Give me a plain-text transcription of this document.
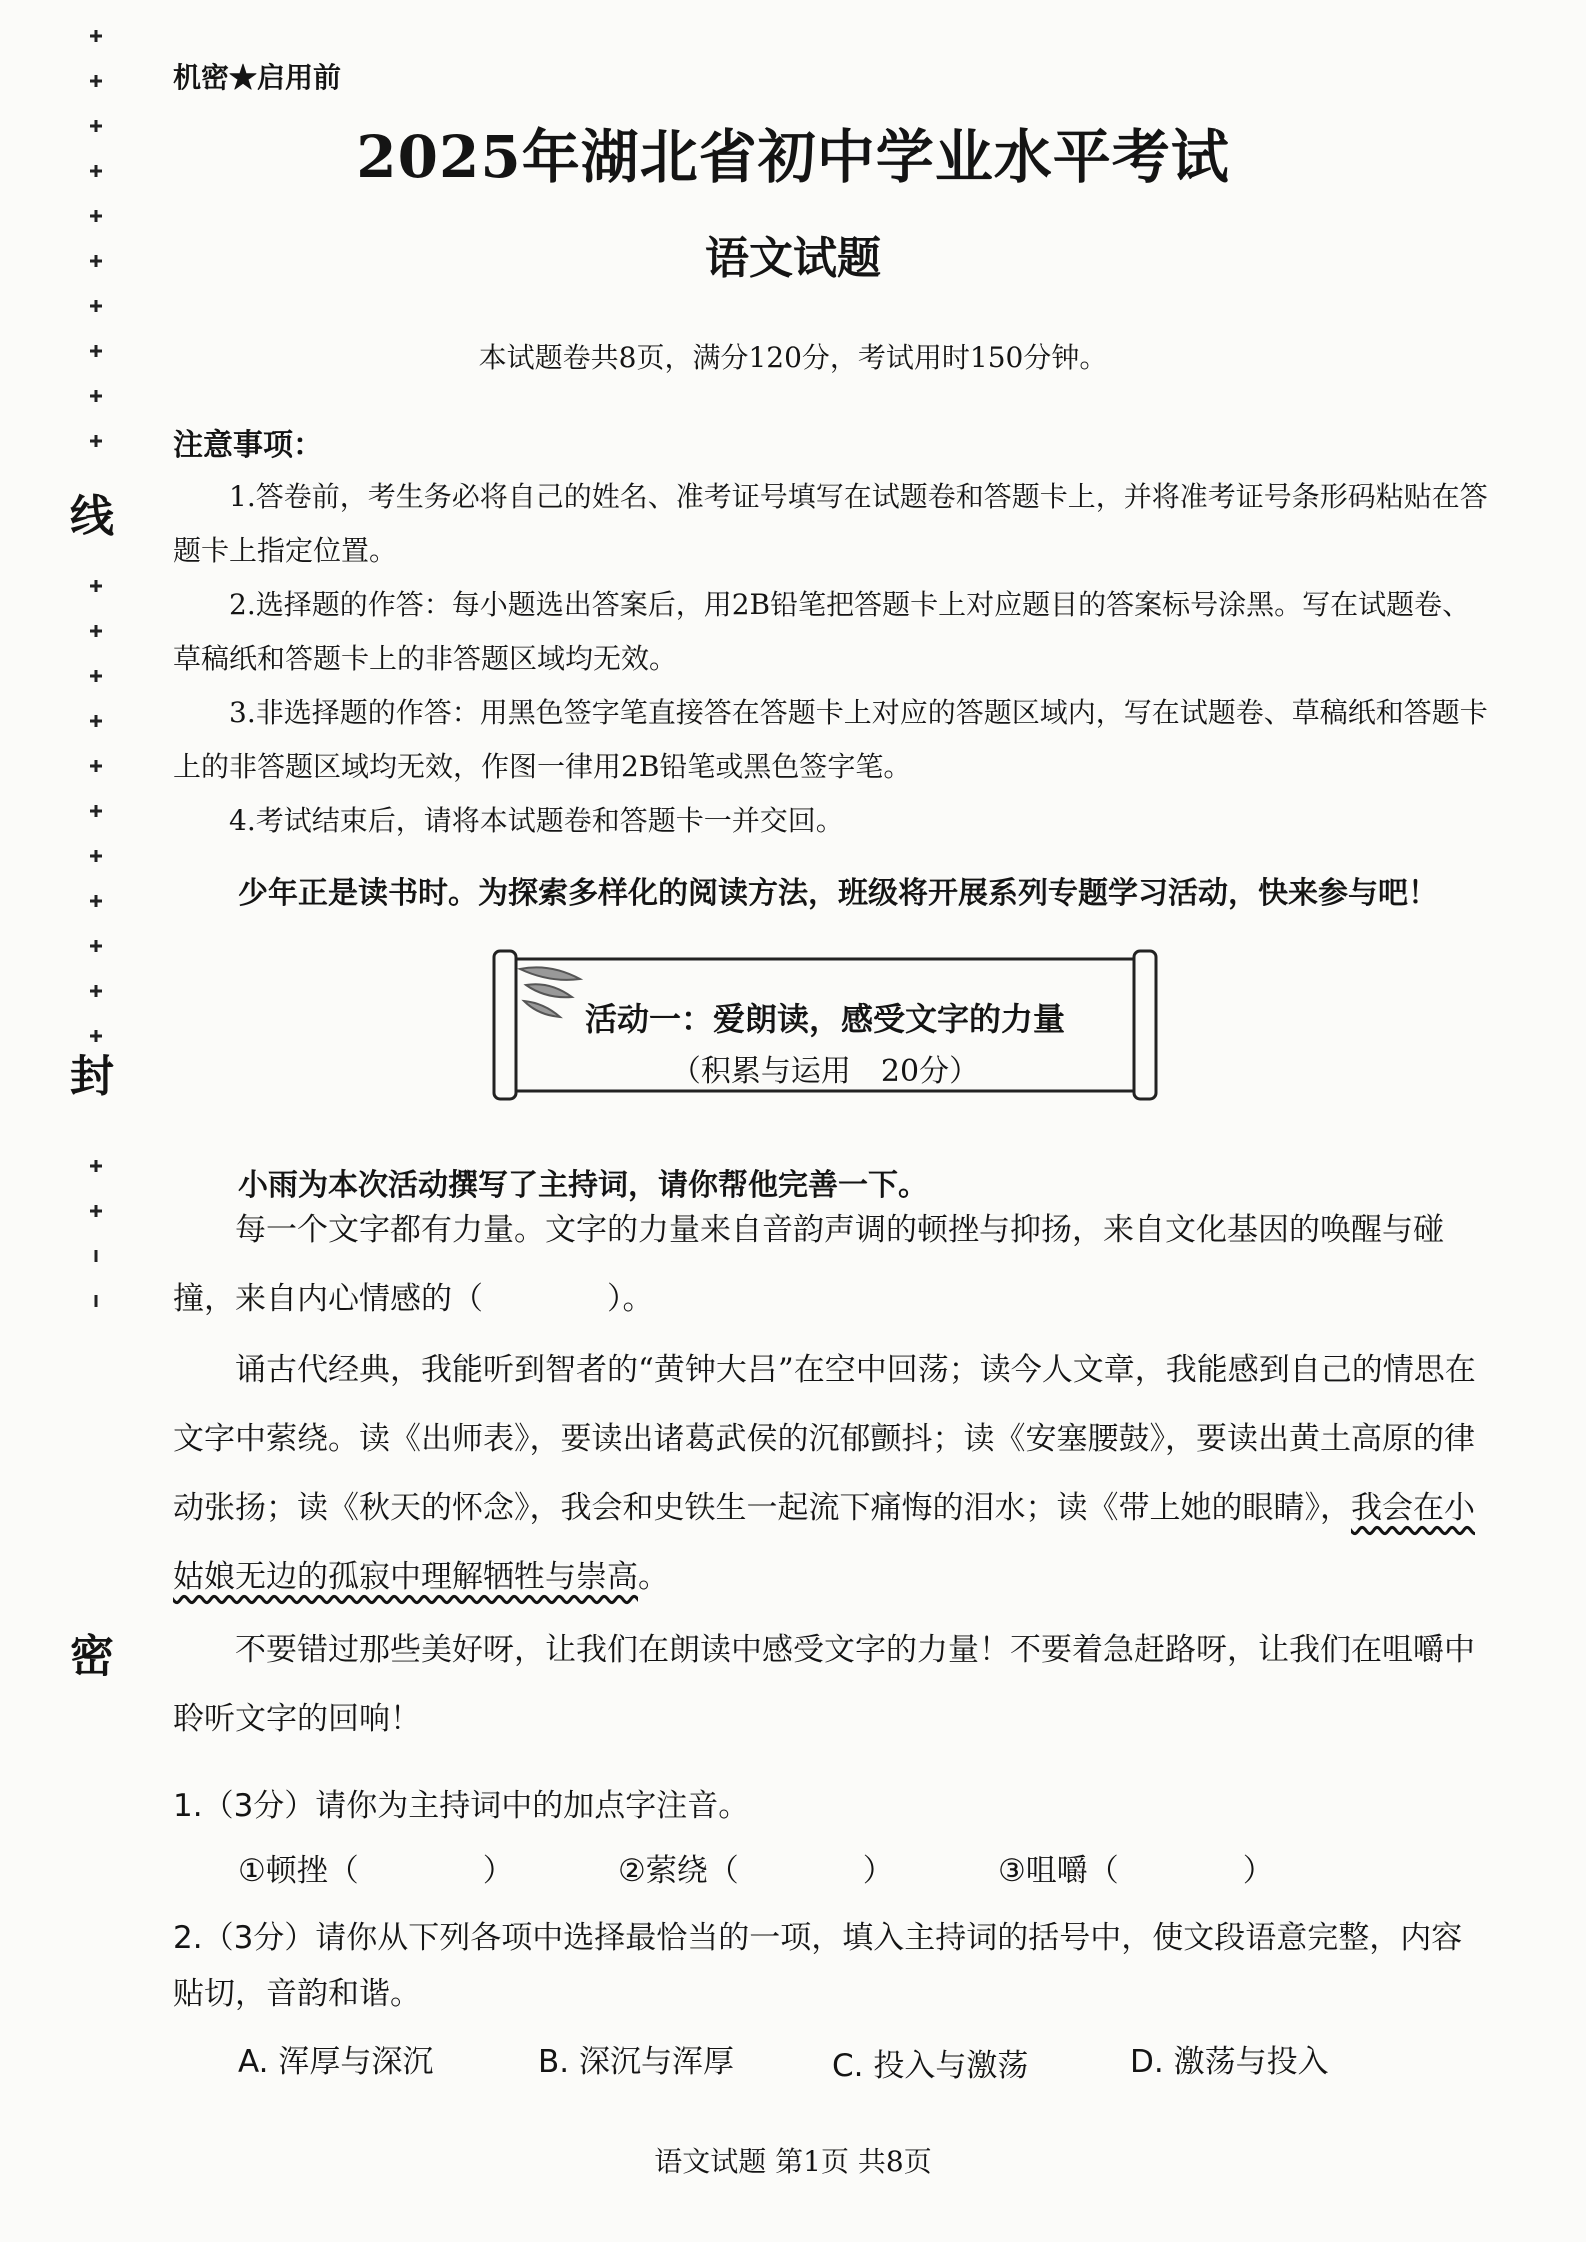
线
封
密
机密★启用前
2025年湖北省初中学业水平考试
语文试题
本试题卷共8页，满分120分，考试用时150分钟。
注意事项：
1.答卷前，考生务必将自己的姓名、准考证号填写在试题卷和答题卡上，并将准考证号条形码粘贴在答题卡上指定位置。
2.选择题的作答：每小题选出答案后，用2B铅笔把答题卡上对应题目的答案标号涂黑。写在试题卷、草稿纸和答题卡上的非答题区域均无效。
3.非选择题的作答：用黑色签字笔直接答在答题卡上对应的答题区域内，写在试题卷、草稿纸和答题卡上的非答题区域均无效，作图一律用2B铅笔或黑色签字笔。
4.考试结束后，请将本试题卷和答题卡一并交回。
少年正是读书时。为探索多样化的阅读方法，班级将开展系列专题学习活动，快来参与吧！
活动一：爱朗读，感受文字的力量
（积累与运用　20分）
小雨为本次活动撰写了主持词，请你帮他完善一下。
每一个文字都有力量。文字的力量来自音韵声调的顿挫与抑扬，来自文化基因的唤醒与碰撞，来自内心情感的（　　　　）。
诵古代经典，我能听到智者的“黄钟大吕”在空中回荡；读今人文章，我能感到自己的情思在文字中萦绕。读《出师表》，要读出诸葛武侯的沉郁颤抖；读《安塞腰鼓》，要读出黄土高原的律动张扬；读《秋天的怀念》，我会和史铁生一起流下痛悔的泪水；读《带上她的眼睛》，我会在小姑娘无边的孤寂中理解牺牲与崇高。
不要错过那些美好呀，让我们在朗读中感受文字的力量！不要着急赶路呀，让我们在咀嚼中聆听文字的回响！
1.（3分）请你为主持词中的加点字注音。
①顿挫（　　　　）	②萦绕（　　　　）	③咀嚼（　　　　）
2.（3分）请你从下列各项中选择最恰当的一项，填入主持词的括号中，使文段语意完整，内容贴切，音韵和谐。
A. 浑厚与深沉	B. 深沉与浑厚	C. 投入与激荡	D. 激荡与投入
语文试题 第1页 共8页
